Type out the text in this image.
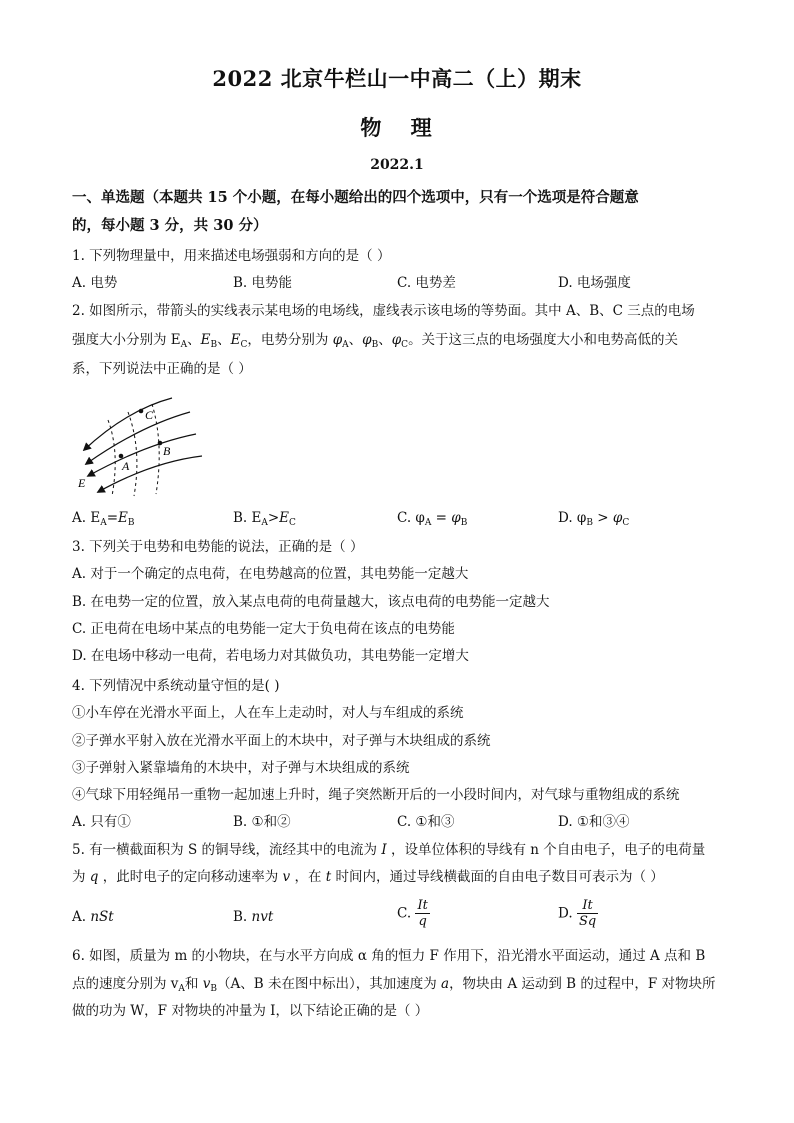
2022 北京牛栏山一中高二（上）期末
物 理
2022.1
一、单选题（本题共 15 个小题，在每小题给出的四个选项中，只有一个选项是符合题意
的，每小题 3 分，共 30 分）
1. 下列物理量中，用来描述电场强弱和方向的是（ ）
A. 电势	B. 电势能	C. 电势差	D. 电场强度
2. 如图所示，带箭头的实线表示某电场的电场线，虚线表示该电场的等势面。其中 A、B、C 三点的电场
强度大小分别为 $E_A$、$E_B$、$E_C$，电势分别为 $\varphi_A$、$\varphi_B$、$\varphi_C$。关于这三点的电场强度大小和电势高低的关
系，下列说法中正确的是（ ）
C
B
A
E
A. $E_A=E_B$	B. $E_A>E_C$	C. $\varphi_A = \varphi_B$	D. $\varphi_B > \varphi_C$
3. 下列关于电势和电势能的说法，正确的是（ ）
A. 对于一个确定的点电荷，在电势越高的位置，其电势能一定越大
B. 在电势一定的位置，放入某点电荷的电荷量越大，该点电荷的电势能一定越大
C. 正电荷在电场中某点的电势能一定大于负电荷在该点的电势能
D. 在电场中移动一电荷，若电场力对其做负功，其电势能一定增大
4. 下列情况中系统动量守恒的是( )
①小车停在光滑水平面上，人在车上走动时，对人与车组成的系统
②子弹水平射入放在光滑水平面上的木块中，对子弹与木块组成的系统
③子弹射入紧靠墙角的木块中，对子弹与木块组成的系统
④气球下用轻绳吊一重物一起加速上升时，绳子突然断开后的一小段时间内，对气球与重物组成的系统
A. 只有①	B. ①和②	C. ①和③	D. ①和③④
5. 有一横截面积为 S 的铜导线，流经其中的电流为 I ，设单位体积的导线有 n 个自由电子，电子的电荷量
为 q ，此时电子的定向移动速率为 v ，在 t 时间内，通过导线横截面的自由电子数目可表示为（ ）
A. nSt	B. nvt	C. $\frac{It}{q}$	D. $\frac{It}{Sq}$
6. 如图，质量为 m 的小物块，在与水平方向成 α 角的恒力 F 作用下，沿光滑水平面运动，通过 A 点和 B
点的速度分别为 $v_A$和 $v_B(A$、B 未在图中标出），其加速度为 a，物块由 A 运动到 B 的过程中，F 对物块所
做的功为 W，F 对物块的冲量为 I，以下结论正确的是（ ）
